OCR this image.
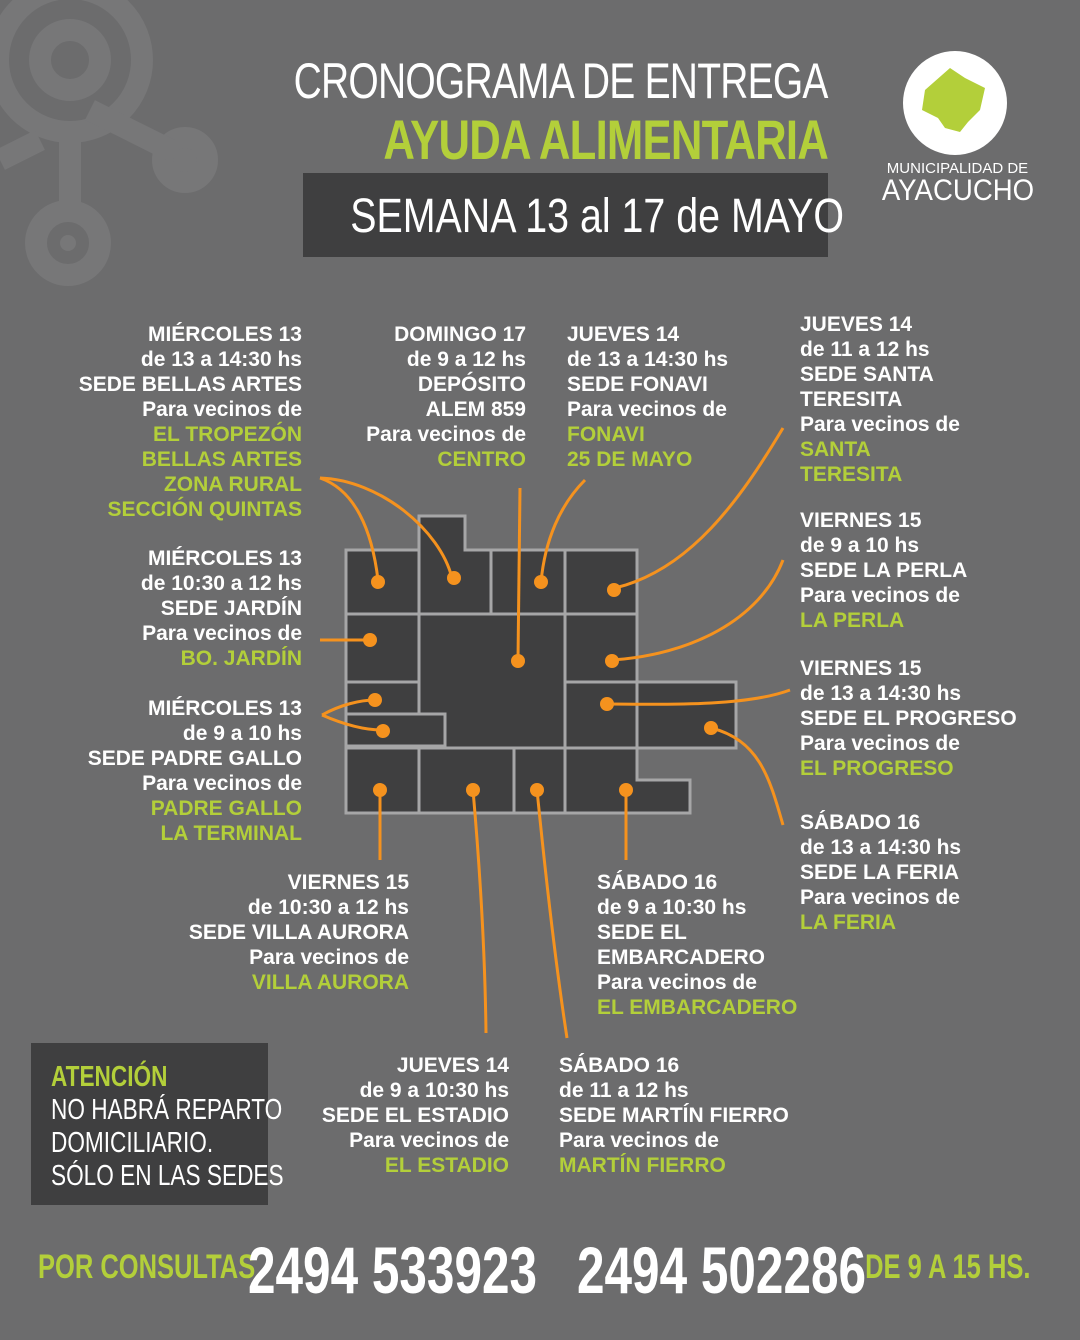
CRONOGRAMA DE ENTREGA
AYUDA ALIMENTARIA
SEMANA 13 al 17 de MAYO
MUNICIPALIDAD DE
AYACUCHO
MIÉRCOLES 13
de 13 a 14:30 hs
SEDE BELLAS ARTES
Para vecinos de
EL TROPEZÓN
BELLAS ARTES
ZONA RURAL
SECCIÓN QUINTAS
MIÉRCOLES 13
de 10:30 a 12 hs
SEDE JARDÍN
Para vecinos de
BO. JARDÍN
MIÉRCOLES 13
de 9 a 10 hs
SEDE PADRE GALLO
Para vecinos de
PADRE GALLO
LA TERMINAL
DOMINGO 17
de 9 a 12 hs
DEPÓSITO
ALEM 859
Para vecinos de
CENTRO
JUEVES 14
de 13 a 14:30 hs
SEDE FONAVI
Para vecinos de
FONAVI
25 DE MAYO
JUEVES 14
de 11 a 12 hs
SEDE SANTA
TERESITA
Para vecinos de
SANTA
TERESITA
VIERNES 15
de 9 a 10 hs
SEDE LA PERLA
Para vecinos de
LA PERLA
VIERNES 15
de 13 a 14:30 hs
SEDE EL PROGRESO
Para vecinos de
EL PROGRESO
SÁBADO 16
de 13 a 14:30 hs
SEDE LA FERIA
Para vecinos de
LA FERIA
VIERNES 15
de 10:30 a 12 hs
SEDE VILLA AURORA
Para vecinos de
VILLA AURORA
SÁBADO 16
de 9 a 10:30 hs
SEDE EL
EMBARCADERO
Para vecinos de
EL EMBARCADERO
JUEVES 14
de 9 a 10:30 hs
SEDE EL ESTADIO
Para vecinos de
EL ESTADIO
SÁBADO 16
de 11 a 12 hs
SEDE MARTÍN FIERRO
Para vecinos de
MARTÍN FIERRO
ATENCIÓN
NO HABRÁ REPARTO
DOMICILIARIO.
SÓLO EN LAS SEDES
POR CONSULTAS
2494 533923 2494 502286
DE 9 A 15 HS.
